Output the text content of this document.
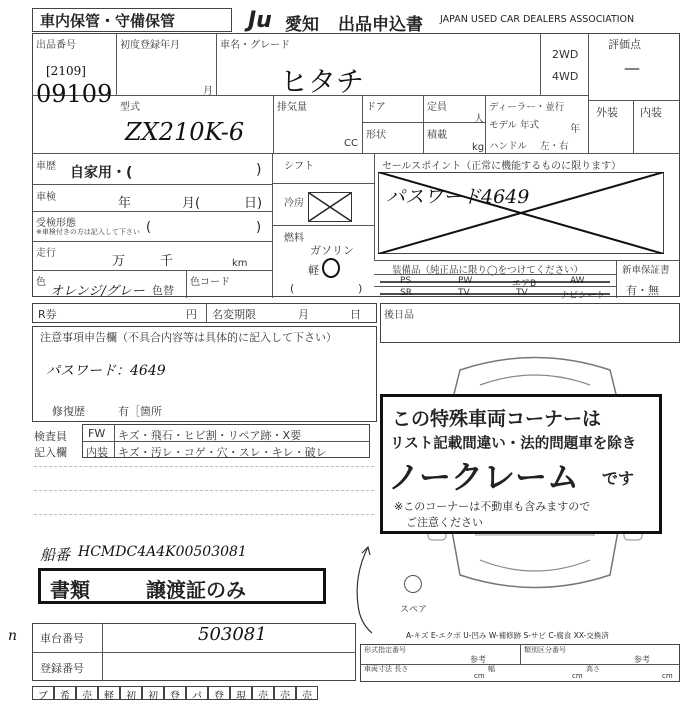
車内保管・守備保管	Ju 愛知 出品申込書 JAPAN USED CAR DEALERS ASSOCIATION
出品番号
[2109]
09109
初度登録年月
月
車名・グレード
ヒタチ
2WD
4WD
評価点
—
外装 内装
型式
ZX210K-6
排気量
CC
ドア	定員
人
形状	積載
kg
ディーラー・並行
モデル 年式	年
ハンドル 左・右
車歴 自家用・(	)
車検	年	月(	日)
受検形態
※車検付きの方は記入して下さい (	)
走行
万	千	km
色
オレンジ/グレー 色替
色コード
シフト
冷房
燃料
ガソリン
軽
(	)
セールスポイント（正常に機能するものに限ります）
パスワード4649
装備品（純正品に限り◯をつけてください）
PS	PW	エアB	AW
SR	TV	TV	ナビシート
新車保証書
有・無
R券	円 名変期限	月	日 後日品
注意事項申告欄（不具合内容等は具体的に記入して下さい）
パスワード：4649
修復歴	有［箇所
検査員
記入欄
FW キズ・飛石・ヒビ割・リペア跡・X要
内装 キズ・汚レ・コゲ・穴・スレ・キレ・破レ
スペア
この特殊車両コーナーは
リスト記載間違い・法的問題車を除き
ノークレーム です
※このコーナーは不動車も含みますので
ご注意ください
船番 HCMDC4A4K00503081
書類	譲渡証のみ
A-キズ E-エクボ U-凹み W-補修跡 S-サビ C-腐食 XX-交換済
n 車台番号	503081
登録番号
形式指定番号
参考
類別区分番号
参考
車両寸法 長さ	幅	高さ
cm	cm	cm
ブ	希	売	軽	初	初	登	パ	登	現	売	売	売
